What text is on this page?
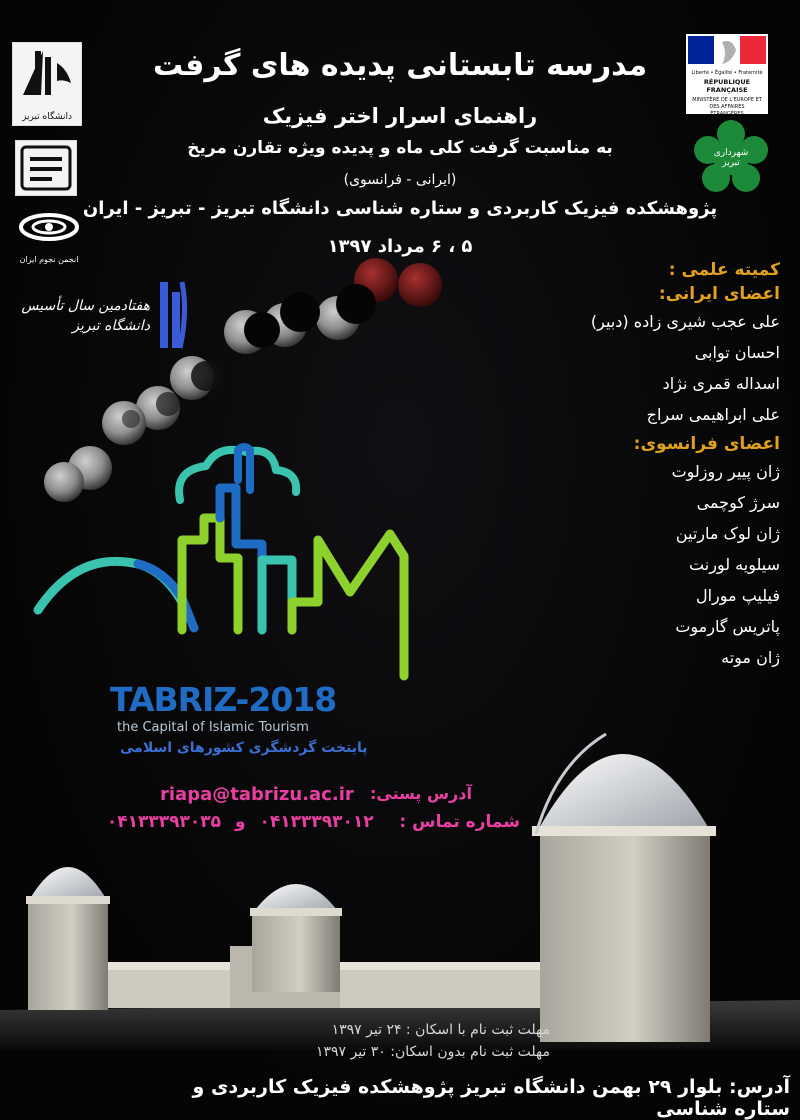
دانشگاه تبریز
انجمن نجوم ایران
هفتادمین سال تأسیس دانشگاه تبریز
Liberté • Égalité • Fraternité
RÉPUBLIQUE FRANÇAISE
MINISTÈRE DE L'EUROPE ET DES AFFAIRES ÉTRANGÈRES
شهرداری تبریز
مدرسه تابستانی پدیده های گرفت
راهنمای اسرار اختر فیزیک
به مناسبت گرفت کلی ماه و پدیده ویژه تقارن مریخ
(ایرانی - فرانسوی)
پژوهشکده فیزیک کاربردی و ستاره شناسی دانشگاه تبریز - تبریز - ایران
۵ ، ۶ مرداد ۱۳۹۷
کمیته علمی :
اعضای ایرانی:
علی عجب شیری زاده (دبیر)
احسان توابی
اسداله قمری نژاد
علی ابراهیمی سراج
اعضای فرانسوی:
ژان پییر روزلوت
سرژ کوچمی
ژان لوک مارتین
سیلویه لورنت
فیلیپ مورال
پاتریس گارموت
ژان موته
TABRIZ-2018
the Capital of Islamic Tourism
پایتخت گردشگری کشورهای اسلامی
آدرس پستی:
riapa@tabrizu.ac.ir
شماره تماس :  ۰۴۱۳۳۳۹۳۰۱۲ و ۰۴۱۳۳۳۹۳۰۳۵
مهلت ثبت نام با اسکان : ۲۴ تیر ۱۳۹۷
مهلت ثبت نام بدون اسکان: ۳۰ تیر ۱۳۹۷
آدرس: بلوار ۲۹ بهمن دانشگاه تبریز پژوهشکده فیزیک کاربردی و ستاره شناسی
